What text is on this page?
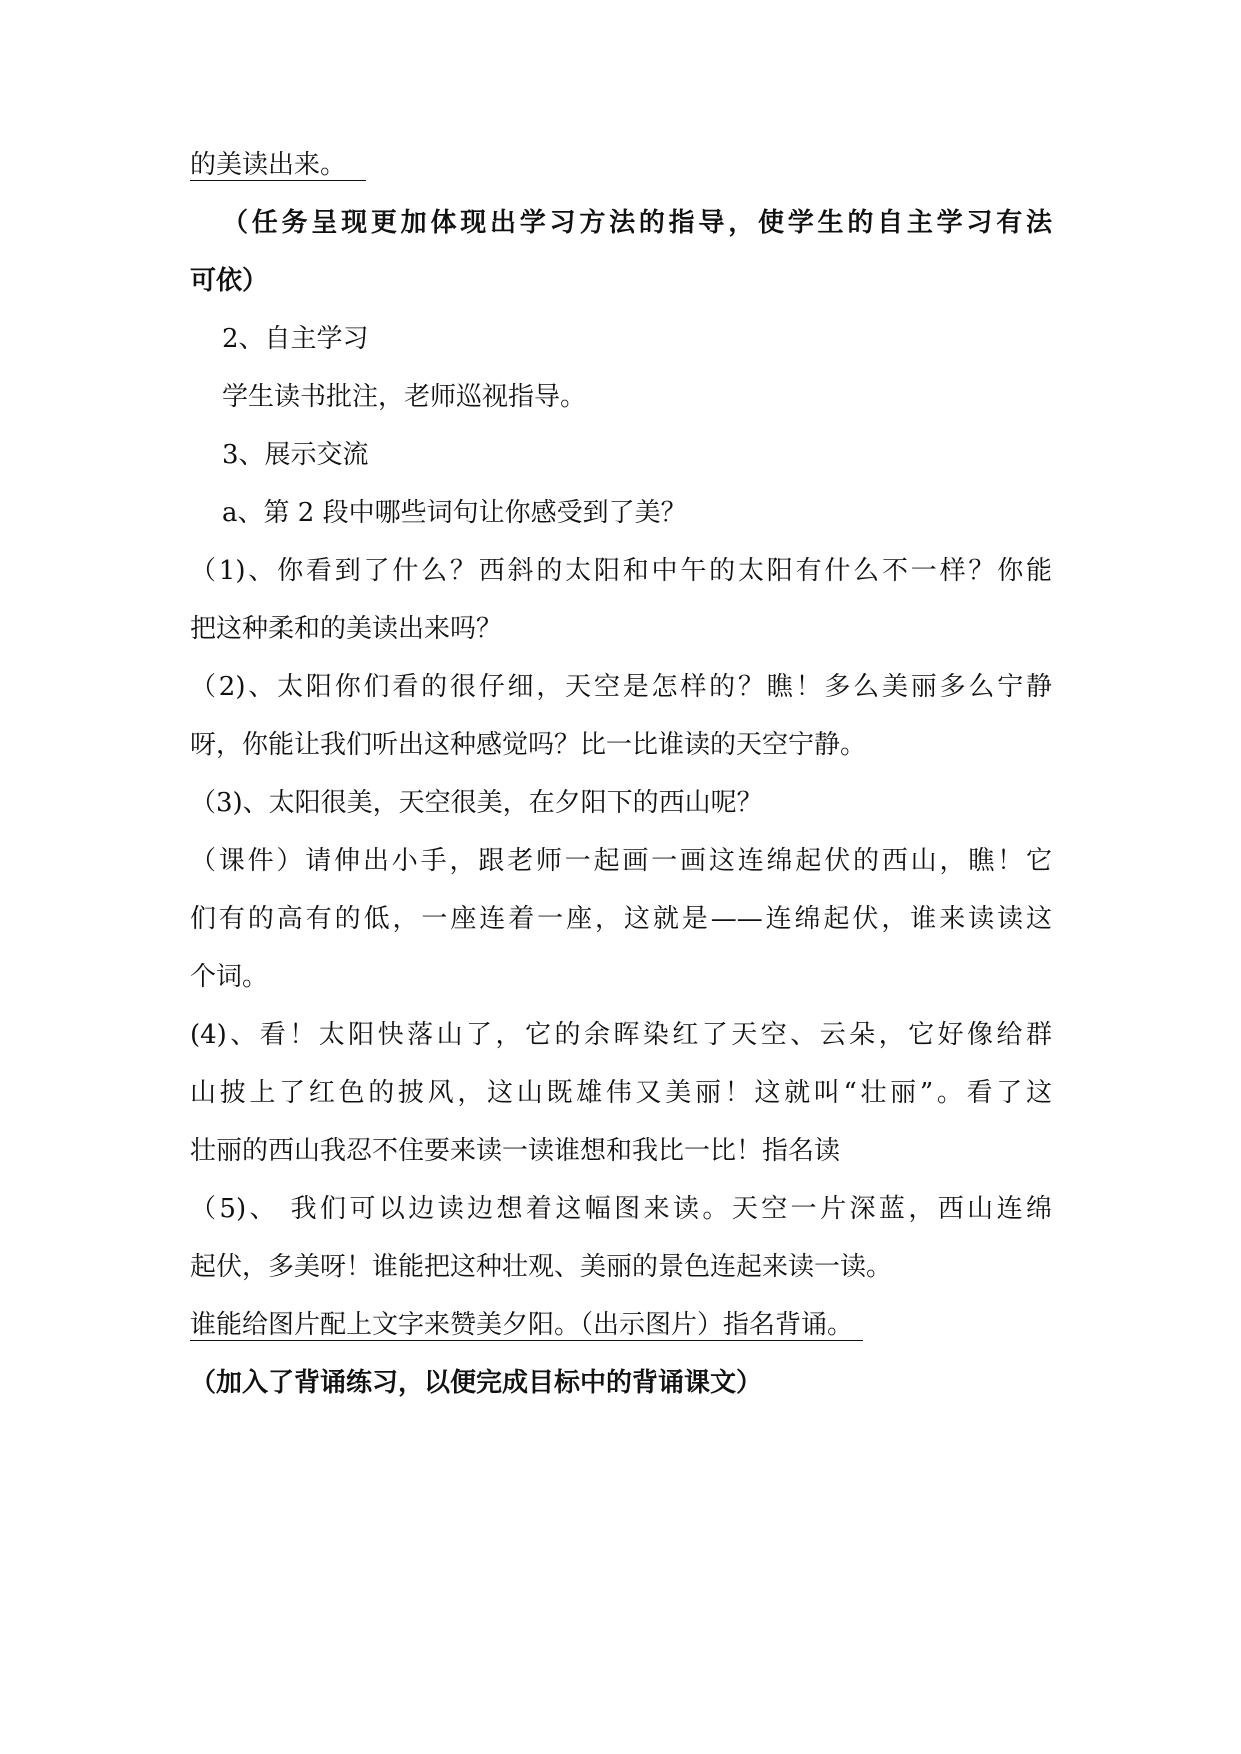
的美读出来。
（任务呈现更加体现出学习方法的指导，使学生的自主学习有法
可依）
2、自主学习
学生读书批注，老师巡视指导。
3、展示交流
a、第 2 段中哪些词句让你感受到了美？
（1)、你看到了什么？西斜的太阳和中午的太阳有什么不一样？你能
把这种柔和的美读出来吗？
（2)、太阳你们看的很仔细，天空是怎样的？瞧！多么美丽多么宁静
呀，你能让我们听出这种感觉吗？比一比谁读的天空宁静。
（3)、太阳很美，天空很美，在夕阳下的西山呢？
（课件）请伸出小手，跟老师一起画一画这连绵起伏的西山，瞧！它
们有的高有的低，一座连着一座，这就是——连绵起伏，谁来读读这
个词。
(4)、看！太阳快落山了，它的余晖染红了天空、云朵，它好像给群
山披上了红色的披风，这山既雄伟又美丽！这就叫“壮丽”。看了这
壮丽的西山我忍不住要来读一读谁想和我比一比！指名读
（5)、 我们可以边读边想着这幅图来读。天空一片深蓝，西山连绵
起伏，多美呀！谁能把这种壮观、美丽的景色连起来读一读。
谁能给图片配上文字来赞美夕阳。（出示图片）指名背诵。
（加入了背诵练习，以便完成目标中的背诵课文）
